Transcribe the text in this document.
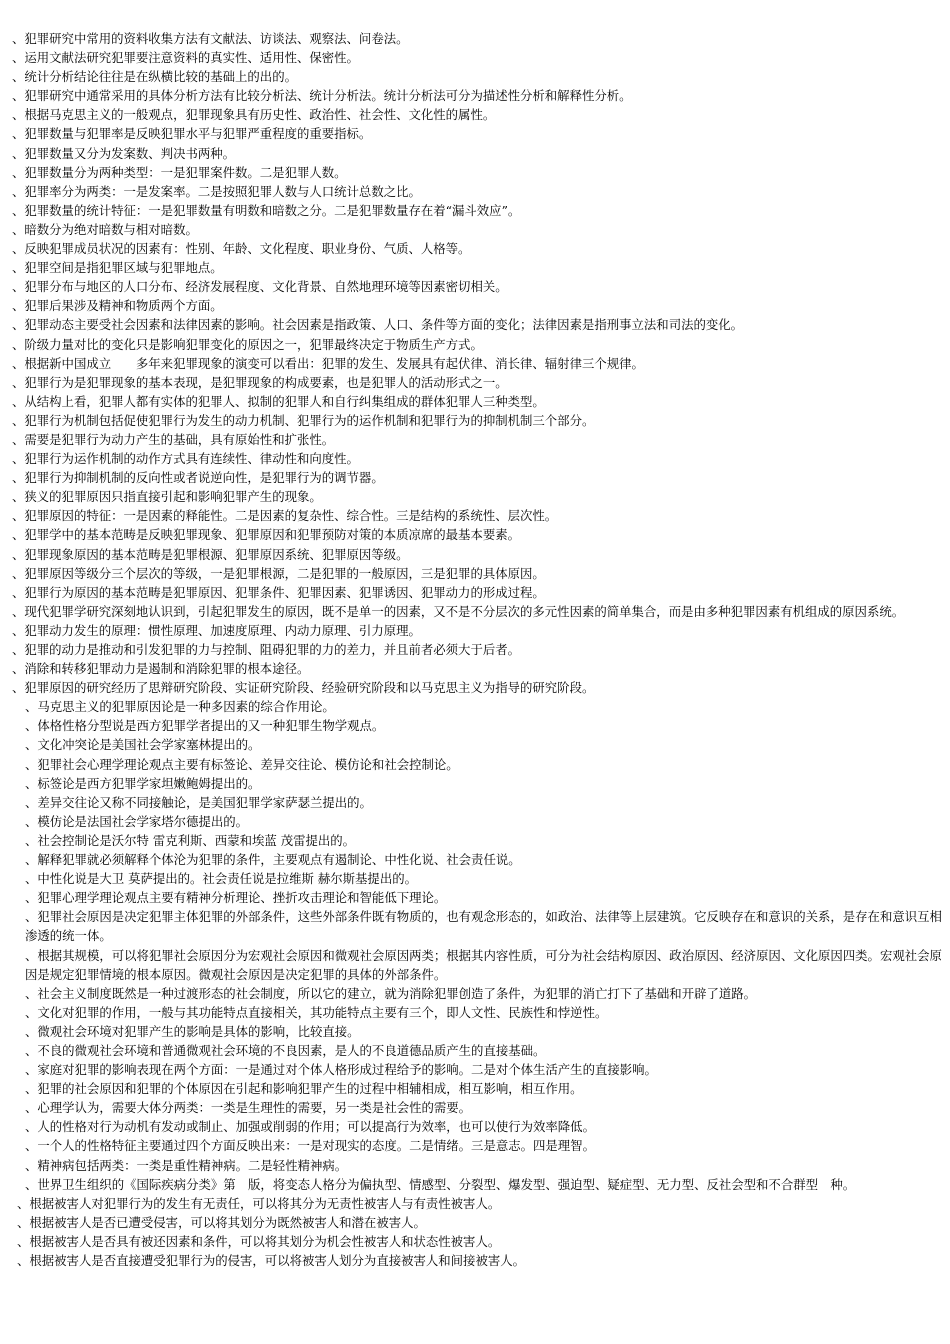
、犯罪研究中常用的资料收集方法有文献法、访谈法、观察法、问卷法。

、运用文献法研究犯罪要注意资料的真实性、适用性、保密性。

、统计分析结论往往是在纵横比较的基础上的出的。

、犯罪研究中通常采用的具体分析方法有比较分析法、统计分析法。统计分析法可分为描述性分析和解释性分析。

、根据马克思主义的一般观点，犯罪现象具有历史性、政治性、社会性、文化性的属性。

、犯罪数量与犯罪率是反映犯罪水平与犯罪严重程度的重要指标。

、犯罪数量又分为发案数、判决书两种。

、犯罪数量分为两种类型：一是犯罪案件数。二是犯罪人数。

、犯罪率分为两类：一是发案率。二是按照犯罪人数与人口统计总数之比。

、犯罪数量的统计特征：一是犯罪数量有明数和暗数之分。二是犯罪数量存在着“漏斗效应”。

、暗数分为绝对暗数与相对暗数。

、反映犯罪成员状况的因素有：性别、年龄、文化程度、职业身份、气质、人格等。

、犯罪空间是指犯罪区域与犯罪地点。

、犯罪分布与地区的人口分布、经济发展程度、文化背景、自然地理环境等因素密切相关。

、犯罪后果涉及精神和物质两个方面。

、犯罪动态主要受社会因素和法律因素的影响。社会因素是指政策、人口、条件等方面的变化；法律因素是指刑事立法和司法的变化。

、阶级力量对比的变化只是影响犯罪变化的原因之一，犯罪最终决定于物质生产方式。

、根据新中国成立　　多年来犯罪现象的演变可以看出：犯罪的发生、发展具有起伏律、消长律、辐射律三个规律。

、犯罪行为是犯罪现象的基本表现，是犯罪现象的构成要素，也是犯罪人的活动形式之一。

、从结构上看，犯罪人都有实体的犯罪人、拟制的犯罪人和自行纠集组成的群体犯罪人三种类型。

、犯罪行为机制包括促使犯罪行为发生的动力机制、犯罪行为的运作机制和犯罪行为的抑制机制三个部分。

、需要是犯罪行为动力产生的基础，具有原始性和扩张性。

、犯罪行为运作机制的动作方式具有连续性、律动性和向度性。

、犯罪行为抑制机制的反向性或者说逆向性，是犯罪行为的调节器。

、狭义的犯罪原因只指直接引起和影响犯罪产生的现象。

、犯罪原因的特征：一是因素的释能性。二是因素的复杂性、综合性。三是结构的系统性、层次性。

、犯罪学中的基本范畴是反映犯罪现象、犯罪原因和犯罪预防对策的本质凉席的最基本要素。

、犯罪现象原因的基本范畴是犯罪根源、犯罪原因系统、犯罪原因等级。

、犯罪原因等级分三个层次的等级，一是犯罪根源，二是犯罪的一般原因，三是犯罪的具体原因。

、犯罪行为原因的基本范畴是犯罪原因、犯罪条件、犯罪因素、犯罪诱因、犯罪动力的形成过程。

、现代犯罪学研究深刻地认识到，引起犯罪发生的原因，既不是单一的因素，又不是不分层次的多元性因素的简单集合，而是由多种犯罪因素有机组成的原因系统。

、犯罪动力发生的原理：惯性原理、加速度原理、内动力原理、引力原理。

、犯罪的动力是推动和引发犯罪的力与控制、阻碍犯罪的力的差力，并且前者必须大于后者。

、消除和转移犯罪动力是遏制和消除犯罪的根本途径。

、犯罪原因的研究经历了思辩研究阶段、实证研究阶段、经验研究阶段和以马克思主义为指导的研究阶段。

、马克思主义的犯罪原因论是一种多因素的综合作用论。

、体格性格分型说是西方犯罪学者提出的又一种犯罪生物学观点。

、文化冲突论是美国社会学家塞林提出的。

、犯罪社会心理学理论观点主要有标签论、差异交往论、模仿论和社会控制论。

、标签论是西方犯罪学家坦嫩鲍姆提出的。

、差异交往论又称不同接触论，是美国犯罪学家萨瑟兰提出的。

、模仿论是法国社会学家塔尔德提出的。

、社会控制论是沃尔特 雷克利斯、西蒙和埃蓝 茂雷提出的。

、解释犯罪就必须解释个体沦为犯罪的条件，主要观点有遏制论、中性化说、社会责任说。

、中性化说是大卫 莫萨提出的。社会责任说是拉维斯 赫尔斯基提出的。

、犯罪心理学理论观点主要有精神分析理论、挫折攻击理论和智能低下理论。

、犯罪社会原因是决定犯罪主体犯罪的外部条件，这些外部条件既有物质的，也有观念形态的，如政治、法律等上层建筑。它反映存在和意识的关系，是存在和意识互相渗透的统一体。

、根据其规模，可以将犯罪社会原因分为宏观社会原因和微观社会原因两类；根据其内容性质，可分为社会结构原因、政治原因、经济原因、文化原因四类。宏观社会原因是规定犯罪情境的根本原因。微观社会原因是决定犯罪的具体的外部条件。

、社会主义制度既然是一种过渡形态的社会制度，所以它的建立，就为消除犯罪创造了条件，为犯罪的消亡打下了基础和开辟了道路。

、文化对犯罪的作用，一般与其功能特点直接相关，其功能特点主要有三个，即人文性、民族性和悖逆性。

、微观社会环境对犯罪产生的影响是具体的影响，比较直接。

、不良的微观社会环境和普通微观社会环境的不良因素，是人的不良道德品质产生的直接基础。

、家庭对犯罪的影响表现在两个方面：一是通过对个体人格形成过程给予的影响。二是对个体生活产生的直接影响。

、犯罪的社会原因和犯罪的个体原因在引起和影响犯罪产生的过程中相辅相成，相互影响，相互作用。

、心理学认为，需要大体分两类：一类是生理性的需要，另一类是社会性的需要。

、人的性格对行为动机有发动或制止、加强或削弱的作用；可以提高行为效率，也可以使行为效率降低。

、一个人的性格特征主要通过四个方面反映出来：一是对现实的态度。二是情绪。三是意志。四是理智。

、精神病包括两类：一类是重性精神病。二是轻性精神病。

、世界卫生组织的《国际疾病分类》第　版，将变态人格分为偏执型、情感型、分裂型、爆发型、强迫型、疑症型、无力型、反社会型和不合群型　种。

、根据被害人对犯罪行为的发生有无责任，可以将其分为无责性被害人与有责性被害人。

、根据被害人是否已遭受侵害，可以将其划分为既然被害人和潜在被害人。

、根据被害人是否具有被还因素和条件，可以将其划分为机会性被害人和状态性被害人。

、根据被害人是否直接遭受犯罪行为的侵害，可以将被害人划分为直接被害人和间接被害人。
